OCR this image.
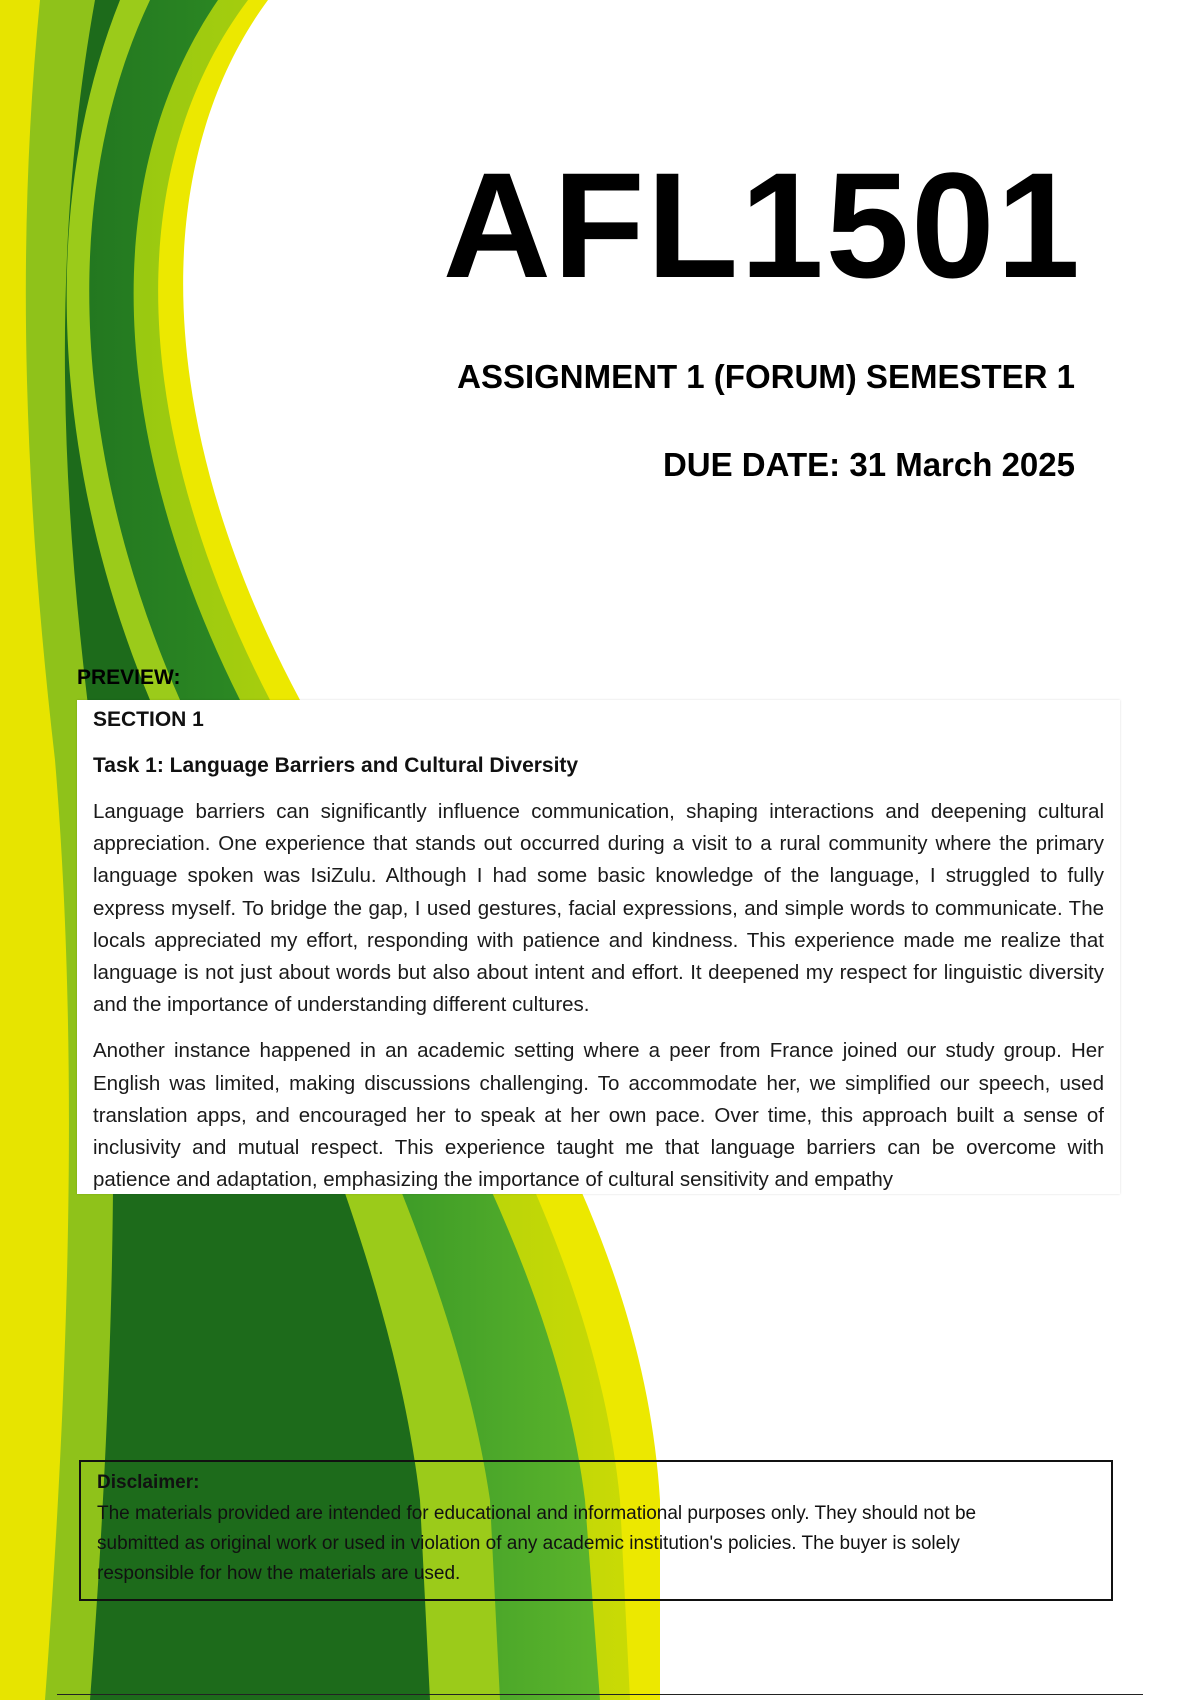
AFL1501
ASSIGNMENT 1 (FORUM) SEMESTER 1
DUE DATE: 31 March 2025
PREVIEW:

SECTION 1

Task 1: Language Barriers and Cultural Diversity

Language barriers can significantly influence communication, shaping interactions and deepening cultural appreciation. One experience that stands out occurred during a visit to a rural community where the primary language spoken was IsiZulu. Although I had some basic knowledge of the language, I struggled to fully express myself. To bridge the gap, I used gestures, facial expressions, and simple words to communicate. The locals appreciated my effort, responding with patience and kindness. This experience made me realize that language is not just about words but also about intent and effort. It deepened my respect for linguistic diversity and the importance of understanding different cultures.

Another instance happened in an academic setting where a peer from France joined our study group. Her English was limited, making discussions challenging. To accommodate her, we simplified our speech, used translation apps, and encouraged her to speak at her own pace. Over time, this approach built a sense of inclusivity and mutual respect. This experience taught me that language barriers can be overcome with patience and adaptation, emphasizing the importance of cultural sensitivity and empathy

Disclaimer:

The materials provided are intended for educational and informational purposes only. They should not be submitted as original work or used in violation of any academic institution's policies. The buyer is solely responsible for how the materials are used.
